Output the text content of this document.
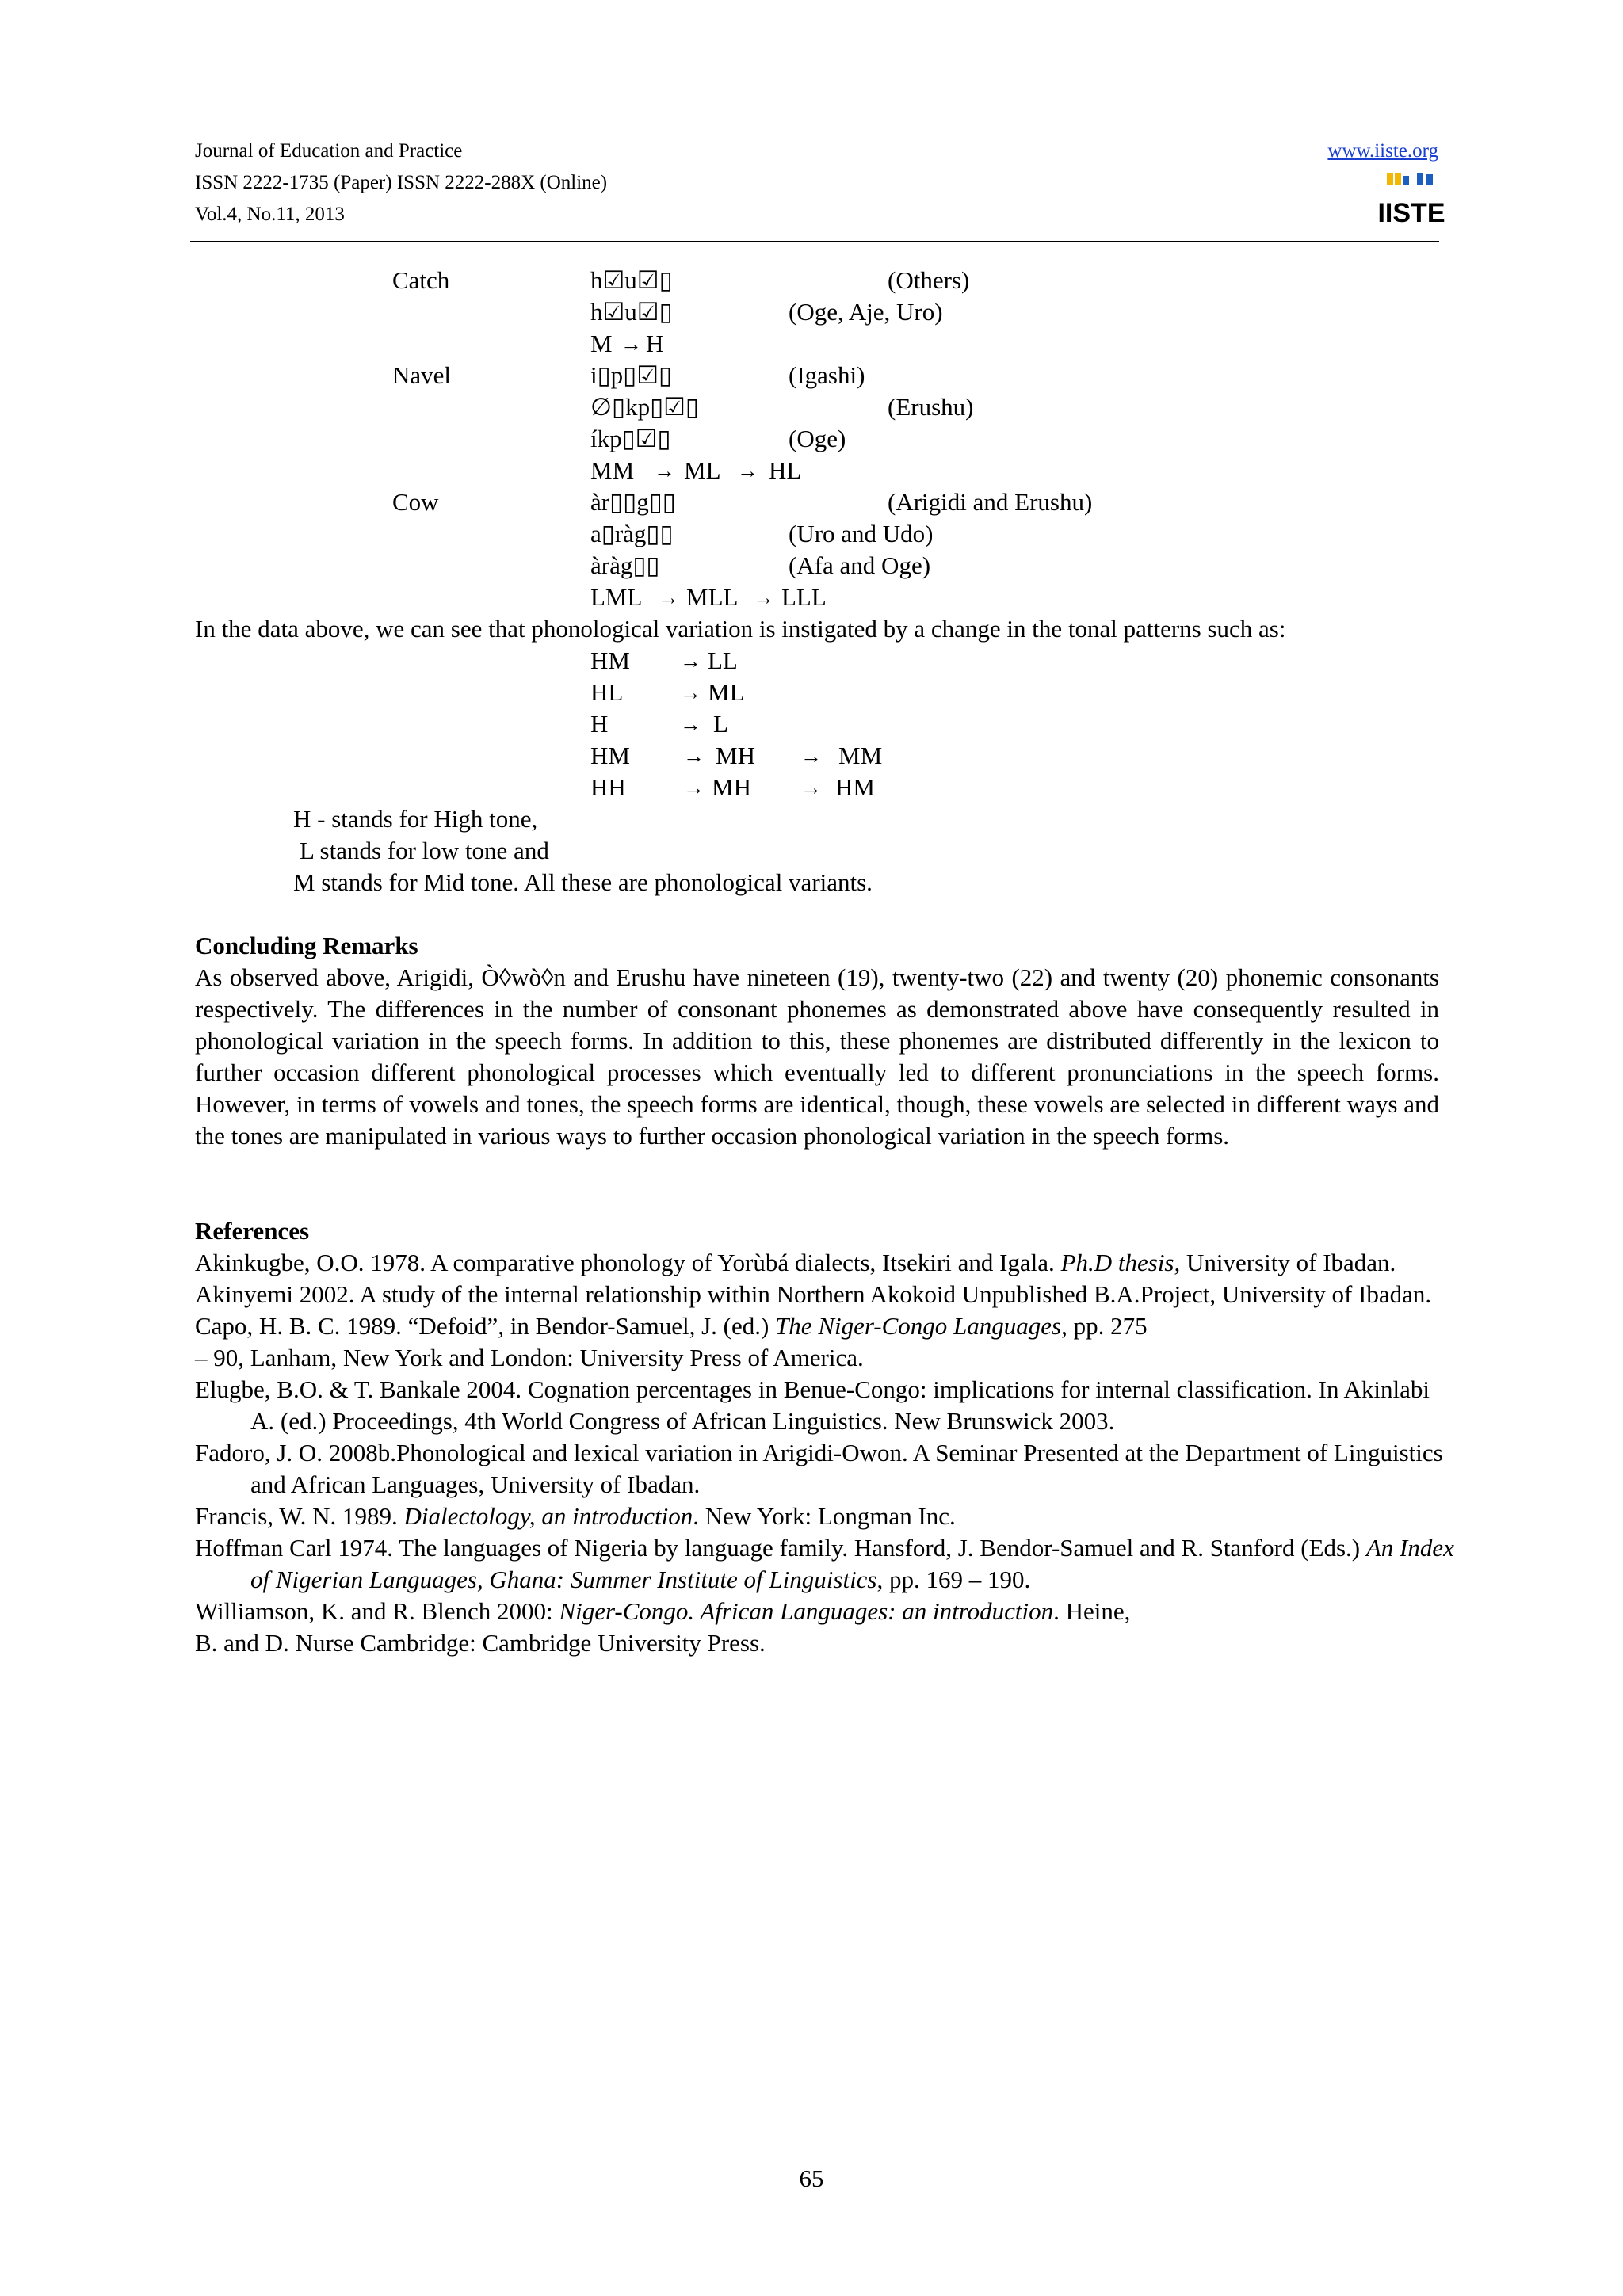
Journal of Education and Practice
ISSN 2222-1735 (Paper) ISSN 2222-288X (Online)
Vol.4, No.11, 2013
www.iiste.org
IISTE
Catch	h☑u☑▯	(Others)
h☑u☑▯	(Oge, Aje, Uro)
M → H
Navel	i▯p▯☑▯	(Igashi)
∅▯kp▯☑▯	(Erushu)
íkp▯☑▯	(Oge)
MM → ML → HL
Cow	àr▯▯g▯▯	(Arigidi and Erushu)
a▯ràg▯▯	(Uro and Udo)
àràg▯▯	(Afa and Oge)
LML → MLL → LLL
In the data above, we can see that phonological variation is instigated by a change in the tonal patterns such as:
HM → LL
HL	→ ML
H	→ L
HM → MH → MM
HH	→ MH → HM
H - stands for High tone,
L stands for low tone and
M stands for Mid tone. All these are phonological variants.
Concluding Remarks
As observed above, Arigidi, Ò◊wò◊n and Erushu have nineteen (19), twenty-two (22) and twenty (20) phonemic consonants respectively. The differences in the number of consonant phonemes as demonstrated above have consequently resulted in phonological variation in the speech forms. In addition to this, these phonemes are distributed differently in the lexicon to further occasion different phonological processes which eventually led to different pronunciations in the speech forms. However, in terms of vowels and tones, the speech forms are identical, though, these vowels are selected in different ways and the tones are manipulated in various ways to further occasion phonological variation in the speech forms.
References
Akinkugbe, O.O. 1978. A comparative phonology of Yorùbá dialects, Itsekiri and Igala. Ph.D thesis, University of Ibadan.
Akinyemi 2002. A study of the internal relationship within Northern Akokoid Unpublished B.A.Project, University of Ibadan.
Capo, H. B. C. 1989. “Defoid”, in Bendor-Samuel, J. (ed.) The Niger-Congo Languages, pp. 275
– 90, Lanham, New York and London: University Press of America.
Elugbe, B.O. & T. Bankale 2004. Cognation percentages in Benue-Congo: implications for internal classification. In Akinlabi A. (ed.) Proceedings, 4th World Congress of African Linguistics. New Brunswick 2003.
Fadoro, J. O. 2008b.Phonological and lexical variation in Arigidi-Owon. A Seminar Presented at the Department of Linguistics and African Languages, University of Ibadan.
Francis, W. N. 1989. Dialectology, an introduction. New York: Longman Inc.
Hoffman Carl 1974. The languages of Nigeria by language family. Hansford, J. Bendor-Samuel and R. Stanford (Eds.) An Index of Nigerian Languages, Ghana: Summer Institute of Linguistics, pp. 169 – 190.
Williamson, K. and R. Blench 2000: Niger-Congo. African Languages: an introduction. Heine,
B. and D. Nurse Cambridge: Cambridge University Press.
65
